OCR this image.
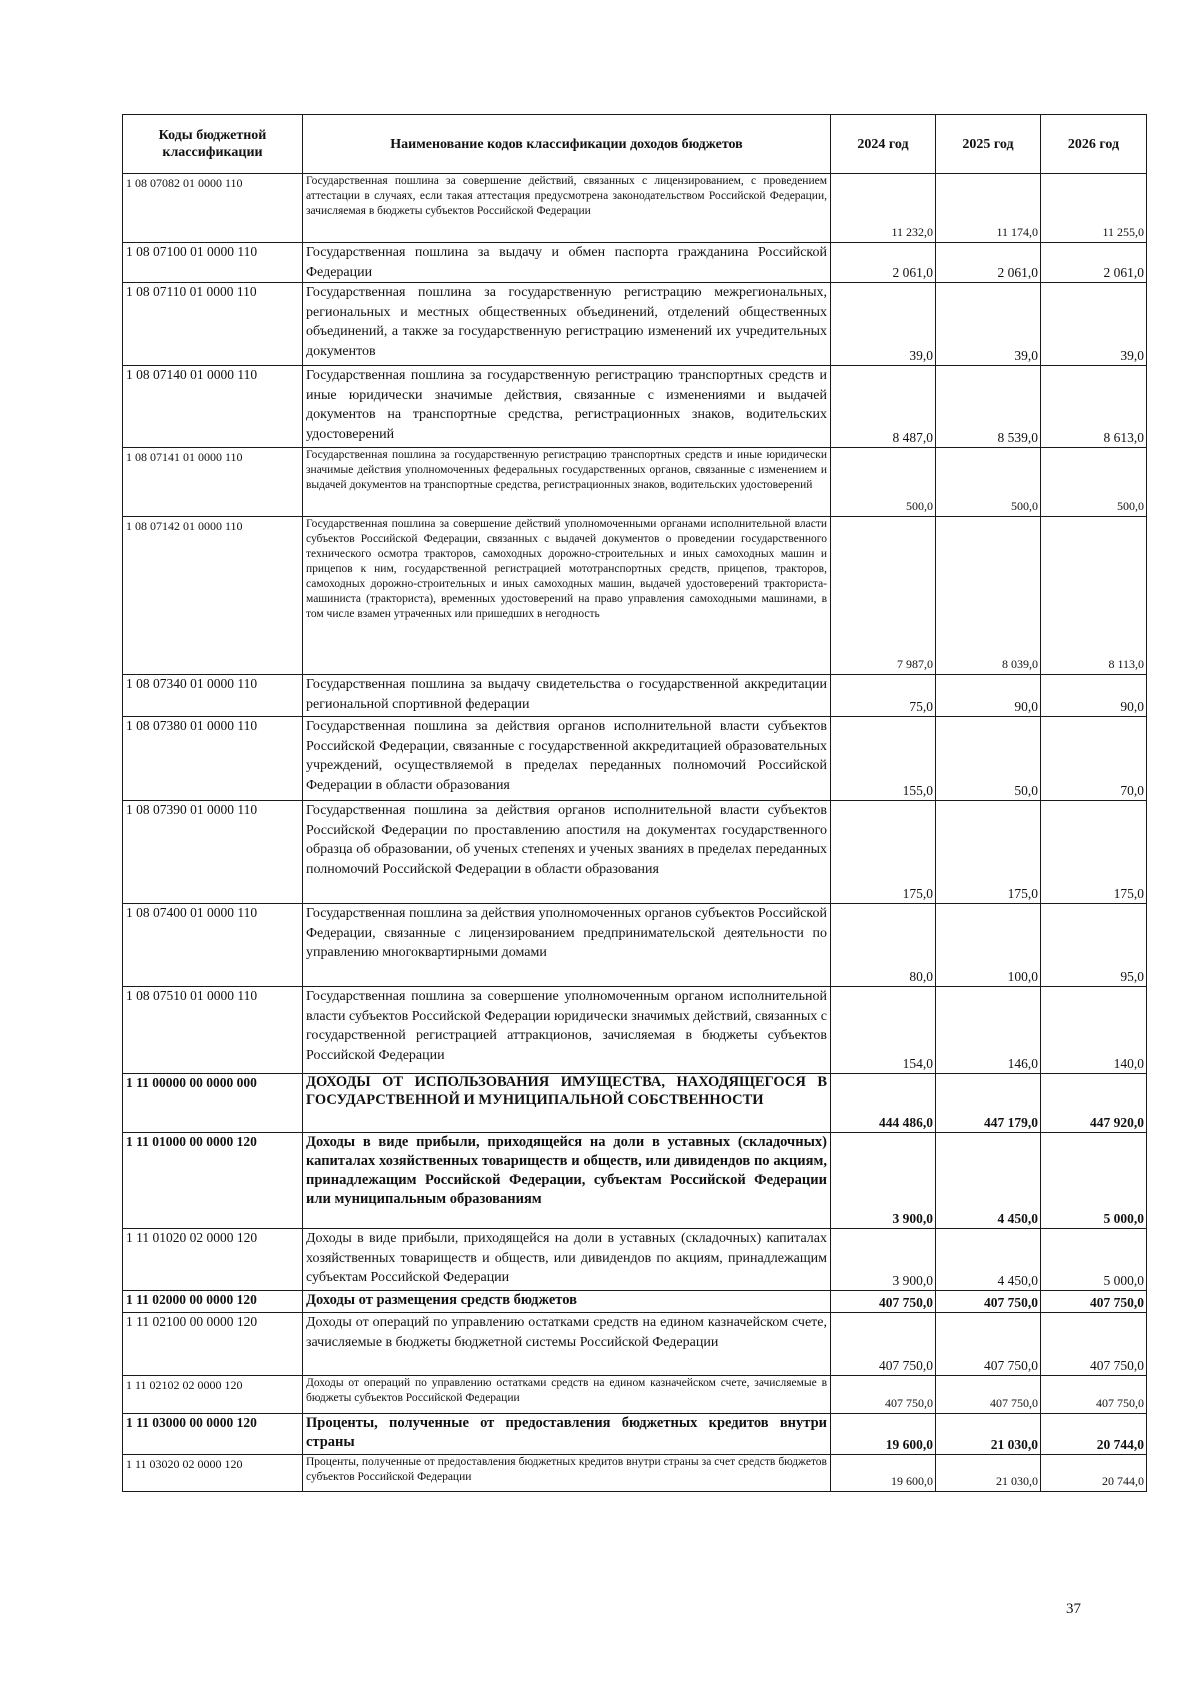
Коды бюджетной классификации	Наименование кодов классификации доходов бюджетов	2024 год	2025 год	2026 год
1 08 07082 01 0000 110	Государственная пошлина за совершение действий, связанных с лицензированием, с проведением аттестации в случаях, если такая аттестация предусмотрена законодательством Российской Федерации, зачисляемая в бюджеты субъектов Российской Федерации	11 232,0	11 174,0	11 255,0
1 08 07100 01 0000 110	Государственная пошлина за выдачу и обмен паспорта гражданина Российской Федерации	2 061,0	2 061,0	2 061,0
1 08 07110 01 0000 110	Государственная пошлина за государственную регистрацию межрегиональных, региональных и местных общественных объединений, отделений общественных объединений, а также за государственную регистрацию изменений их учредительных документов	39,0	39,0	39,0
1 08 07140 01 0000 110	Государственная пошлина за государственную регистрацию транспортных средств и иные юридически значимые действия, связанные с изменениями и выдачей документов на транспортные средства, регистрационных знаков, водительских удостоверений	8 487,0	8 539,0	8 613,0
1 08 07141 01 0000 110	Государственная пошлина за государственную регистрацию транспортных средств и иные юридически значимые действия уполномоченных федеральных государственных органов, связанные с изменением и выдачей документов на транспортные средства, регистрационных знаков, водительских удостоверений	500,0	500,0	500,0
1 08 07142 01 0000 110	Государственная пошлина за совершение действий уполномоченными органами исполнительной власти субъектов Российской Федерации, связанных с выдачей документов о проведении государственного технического осмотра тракторов, самоходных дорожно-строительных и иных самоходных машин и прицепов к ним, государственной регистрацией мототранспортных средств, прицепов, тракторов, самоходных дорожно-строительных и иных самоходных машин, выдачей удостоверений тракториста-машиниста (тракториста), временных удостоверений на право управления самоходными машинами, в том числе взамен утраченных или пришедших в негодность	7 987,0	8 039,0	8 113,0
1 08 07340 01 0000 110	Государственная пошлина за выдачу свидетельства о государственной аккредитации региональной спортивной федерации	75,0	90,0	90,0
1 08 07380 01 0000 110	Государственная пошлина за действия органов исполнительной власти субъектов Российской Федерации, связанные с государственной аккредитацией образовательных учреждений, осуществляемой в пределах переданных полномочий Российской Федерации в области образования	155,0	50,0	70,0
1 08 07390 01 0000 110	Государственная пошлина за действия органов исполнительной власти субъектов Российской Федерации по проставлению апостиля на документах государственного образца об образовании, об ученых степенях и ученых званиях в пределах переданных полномочий Российской Федерации в области образования	175,0	175,0	175,0
1 08 07400 01 0000 110	Государственная пошлина за действия уполномоченных органов субъектов Российской Федерации, связанные с лицензированием предпринимательской деятельности по управлению многоквартирными домами	80,0	100,0	95,0
1 08 07510 01 0000 110	Государственная пошлина за совершение уполномоченным органом исполнительной власти субъектов Российской Федерации юридически значимых действий, связанных с государственной регистрацией аттракционов, зачисляемая в бюджеты субъектов Российской Федерации	154,0	146,0	140,0
1 11 00000 00 0000 000	ДОХОДЫ ОТ ИСПОЛЬЗОВАНИЯ ИМУЩЕСТВА, НАХОДЯЩЕГОСЯ В ГОСУДАРСТВЕННОЙ И МУНИЦИПАЛЬНОЙ СОБСТВЕННОСТИ	444 486,0	447 179,0	447 920,0
1 11 01000 00 0000 120	Доходы в виде прибыли, приходящейся на доли в уставных (складочных) капиталах хозяйственных товариществ и обществ, или дивидендов по акциям, принадлежащим Российской Федерации, субъектам Российской Федерации или муниципальным образованиям	3 900,0	4 450,0	5 000,0
1 11 01020 02 0000 120	Доходы в виде прибыли, приходящейся на доли в уставных (складочных) капиталах хозяйственных товариществ и обществ, или дивидендов по акциям, принадлежащим субъектам Российской Федерации	3 900,0	4 450,0	5 000,0
1 11 02000 00 0000 120	Доходы от размещения средств бюджетов	407 750,0	407 750,0	407 750,0
1 11 02100 00 0000 120	Доходы от операций по управлению остатками средств на едином казначейском счете, зачисляемые в бюджеты бюджетной системы Российской Федерации	407 750,0	407 750,0	407 750,0
1 11 02102 02 0000 120	Доходы от операций по управлению остатками средств на едином казначейском счете, зачисляемые в бюджеты субъектов Российской Федерации	407 750,0	407 750,0	407 750,0
1 11 03000 00 0000 120	Проценты, полученные от предоставления бюджетных кредитов внутри страны	19 600,0	21 030,0	20 744,0
1 11 03020 02 0000 120	Проценты, полученные от предоставления бюджетных кредитов внутри страны за счет средств бюджетов субъектов Российской Федерации	19 600,0	21 030,0	20 744,0
37
